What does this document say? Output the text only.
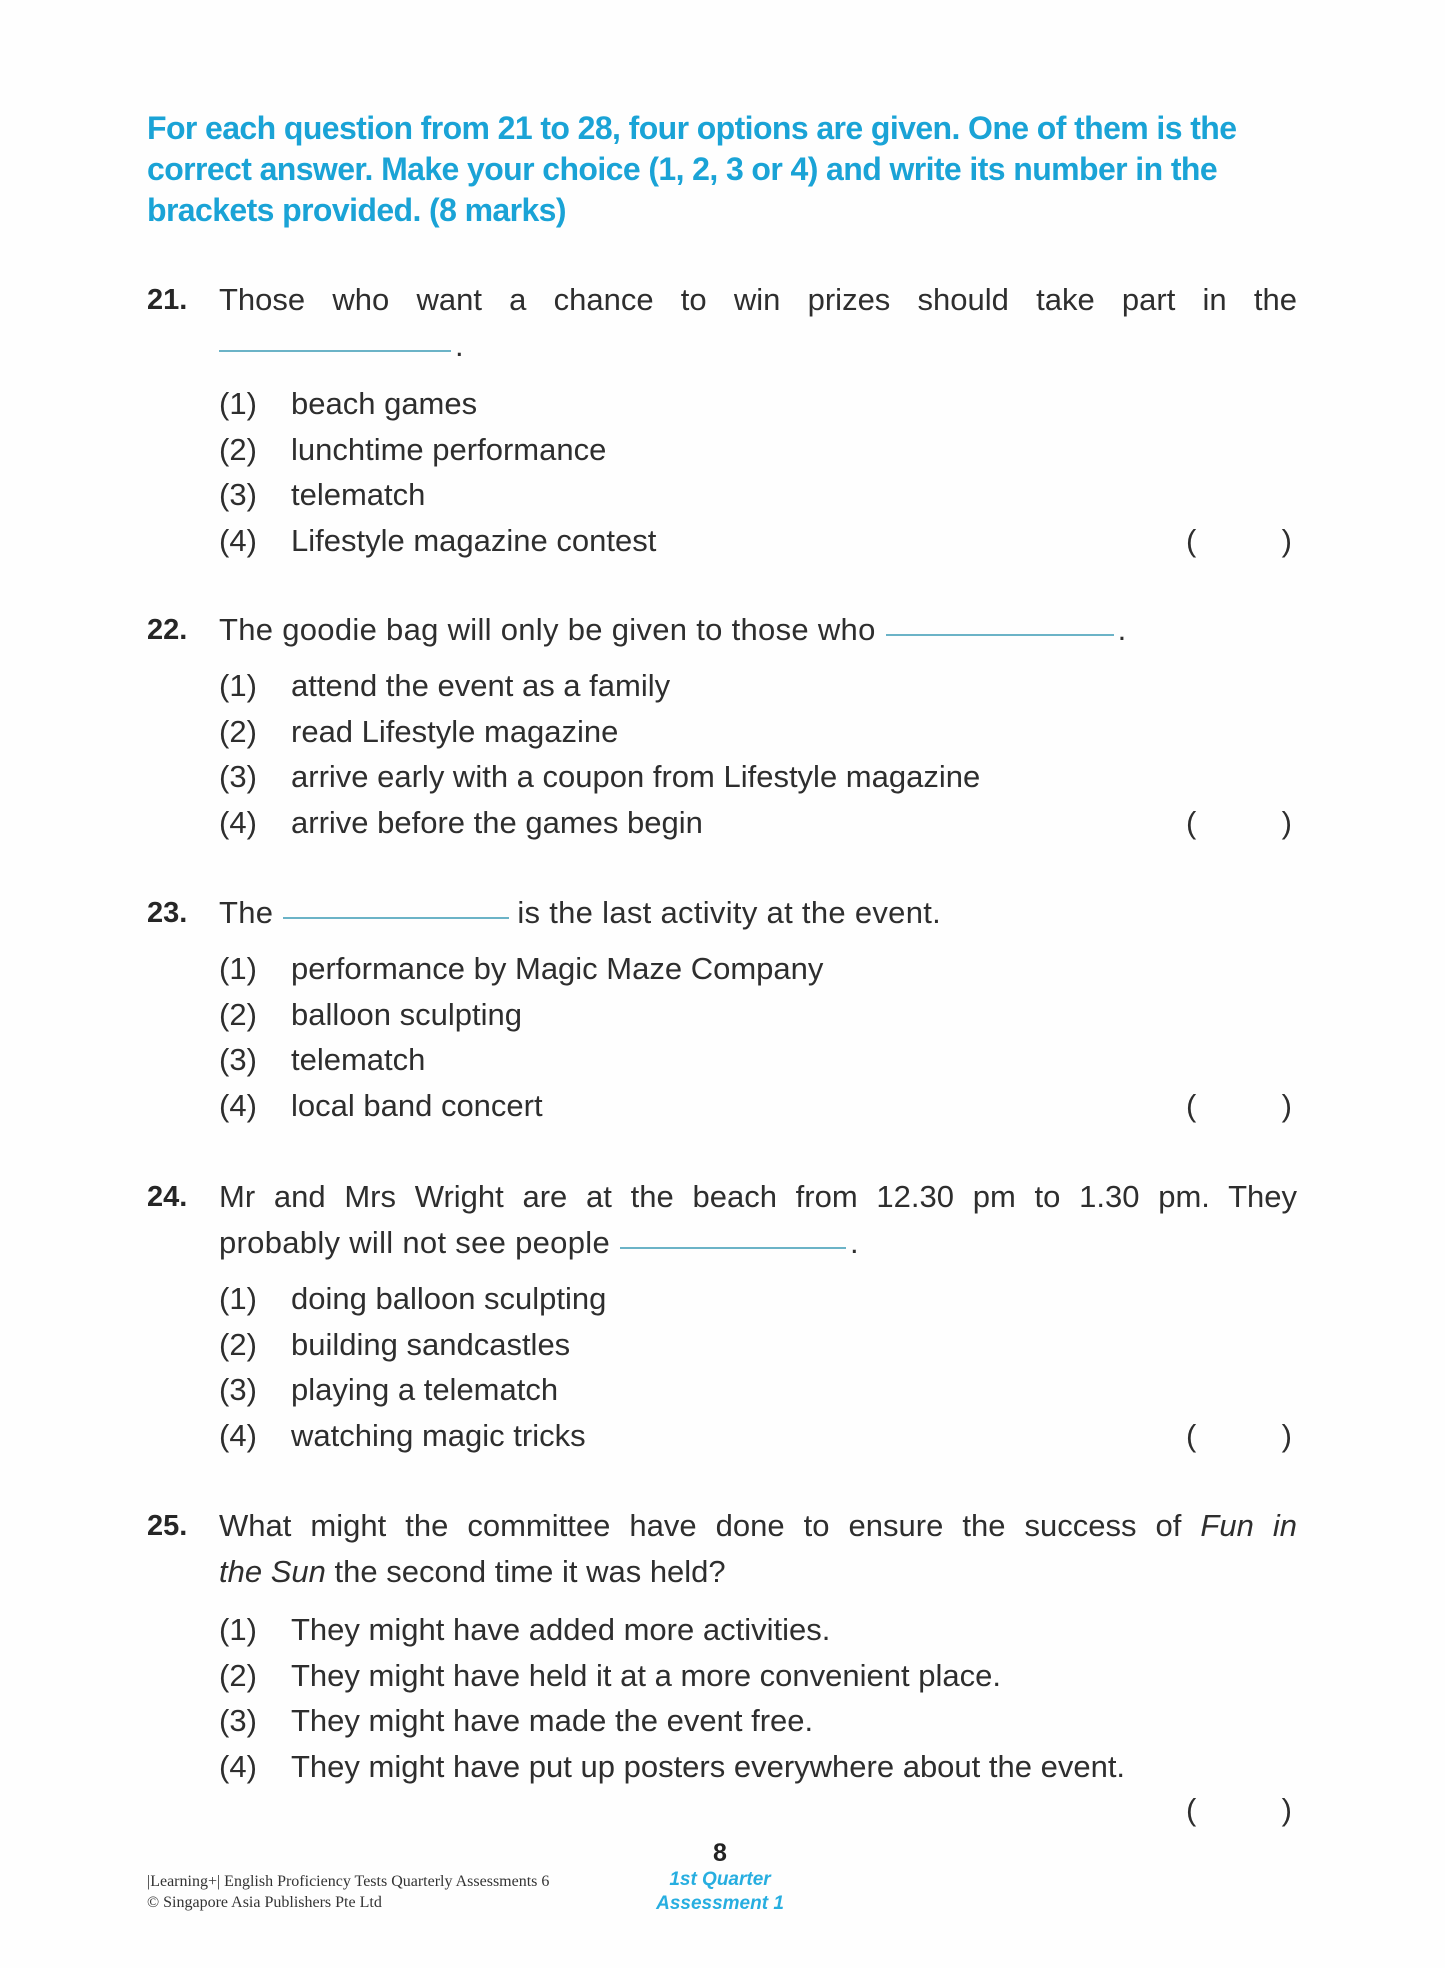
For each question from 21 to 28, four options are given. One of them is the correct answer. Make your choice (1, 2, 3 or 4) and write its number in the brackets provided. (8 marks)
21. Those who want a chance to win prizes should take part in the
.
(1)	beach games
(2)	lunchtime performance
(3)	telematch
(4)	Lifestyle magazine contest	(	)
22. The goodie bag will only be given to those who	.
(1)	attend the event as a family
(2)	read Lifestyle magazine
(3)	arrive early with a coupon from Lifestyle magazine
(4)	arrive before the games begin	(	)
23. The	is the last activity at the event.
(1)	performance by Magic Maze Company
(2)	balloon sculpting
(3)	telematch
(4)	local band concert	(	)
24. Mr and Mrs Wright are at the beach from 12.30 pm to 1.30 pm. They
probably will not see people	.
(1)	doing balloon sculpting
(2)	building sandcastles
(3)	playing a telematch
(4)	watching magic tricks	(	)
25. What might the committee have done to ensure the success of Fun in
the Sun the second time it was held?
(1)	They might have added more activities.
(2)	They might have held it at a more convenient place.
(3)	They might have made the event free.
(4)	They might have put up posters everywhere about the event.
(	)
|Learning+| English Proficiency Tests Quarterly Assessments 6
© Singapore Asia Publishers Pte Ltd
8
1st Quarter
Assessment 1
